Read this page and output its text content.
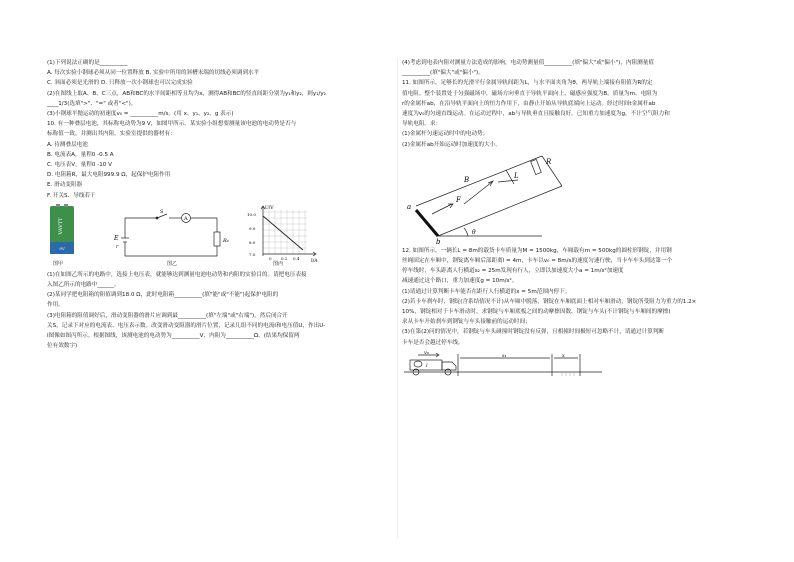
(1)下列说法正确的是__________

A. 每次实验小钢球必须从同一位置释放 B. 实验中所用的斜槽末端的切线必须调到水平

C. 斜面必须是光滑的 D. 只释放一次小钢球也可以完成实验

(2)在图线上取A、B、C三点，AB和BC的水平间距相等且均为x，测得AB和BC的竖直间距分别为y₁和y₂，则y₁/y₂

____1/3(选填">"、"=" 或者"<")。

(3)小钢球平抛运动的初速度v₀ = __________m/s。(用 x、y₁、y₂、g 表示)

10. 有一种叠层电池，其标称电动势为9 V，如图甲所示。某实验小组想要测量该电池的电动势是否与

标称值一致，并测出其内阻，实验室提供的器材有：

A. 待测叠层电池

B. 电流表A，量程0 -0.5 A

C. 电压表V，量程0 -10 V

D. 电阻箱R，最大电阻999.9 Ω，起保护电阻作用

E. 滑动变阻器

F. 开关S、导线若干

VAVTT
9V
图甲
E
r
S
A
R₀
图乙
U/V
I/A
10.0
9.0
8.0
7.0
0 0.2 0.4
图丙

(1)在如图乙所示的电路中，选接上电压表，就能够达到测量电池电动势和内阻的实验目的。请把电压表接

入图乙所示的电路中______。

(2)某同学把电阻箱的阻值调到18.0 Ω，此时电阻箱__________(填"能"或"不能")起保护电阻的

作用。

(3)电阻箱的阻值调好后，滑动变阻器的滑片应调到最__________(填"左端"或"右端")，然后闭合开

关S，记录下对应的电流表、电压表示数。改变滑动变阻器的滑片位置，记录几组不同的电流I和电压值U，作出U-

I图像如图丙所示。根据图线，该测电池的电动势为__________V，内阻为__________Ω。(结果均保留两

位有效数字)

(4)考虑到电表内阻对测量方法造成的影响，电动势测量值__________(填"偏大"或"偏小")，内阻测量值

__________(填"偏大"或"偏小")。

11. 如图所示，足够长的光滑平行金属导轨间距为L，与水平面夹角为θ，两导轨上端接有阻值为R的定

值电阻。整个装置处于匀强磁场中，磁场方向垂直于导轨平面向上，磁感应强度为B。质量为m、电阻为

r的金属杆ab，在沿导轨平面向上的恒力作用下，由静止开始从导轨底端向上运动。经过时间t金属杆ab

速度为v₀的匀速直线运动。在运动过程中，ab与导轨垂直且接触良好。已知重力加速度为g，不计空气阻力和

导轨电阻。求：

(1)金属杆匀速运动时中的电动势；

(2)金属杆ab开始运动时加速度的大小。

a
b
F
B	L
R
θ

12. 如图所示，一辆长L = 8m的载货卡车质量为M = 1500kg，车厢载有m = 500kg的圆柱形钢锭，并用钢

丝绳固定在车厢中，钢锭离车厢后部距离l = 4m，卡车以v₀ = 8m/s的速度匀速行驶，当卡车车头到达第一个

停车线时，车头距离人行横道s₂ = 25m发现有行人，立即以加速度大小a = 1m/s²加速度

减速通过这个路口，重力加速度g = 10m/s²。

(1)请通过计算判断卡车能否在距行人行横道的x = 5m范围内停下；

(2)若卡车刹车时，钢锭(含系结情况不计)从车厢中脱落，钢锭在车厢底面上相对车厢滑动，钢锭所受阻力为重力的1.2×

10%，钢锭相对于卡车滑动时，求钢锭与车厢底板之间的动摩擦因数，钢锭与车头(不计钢锭与车厢间的摩擦)

求从卡车开始刹车到钢锭与车头接触前的运动时间；

(3)在第(2)问的情况中，若钢锭与车头碰撞时钢锭没有反弹，且相撞时间极短可忽略不计，请通过计算判断

卡车是否会越过停车线。

v₀
l
s₁	x
